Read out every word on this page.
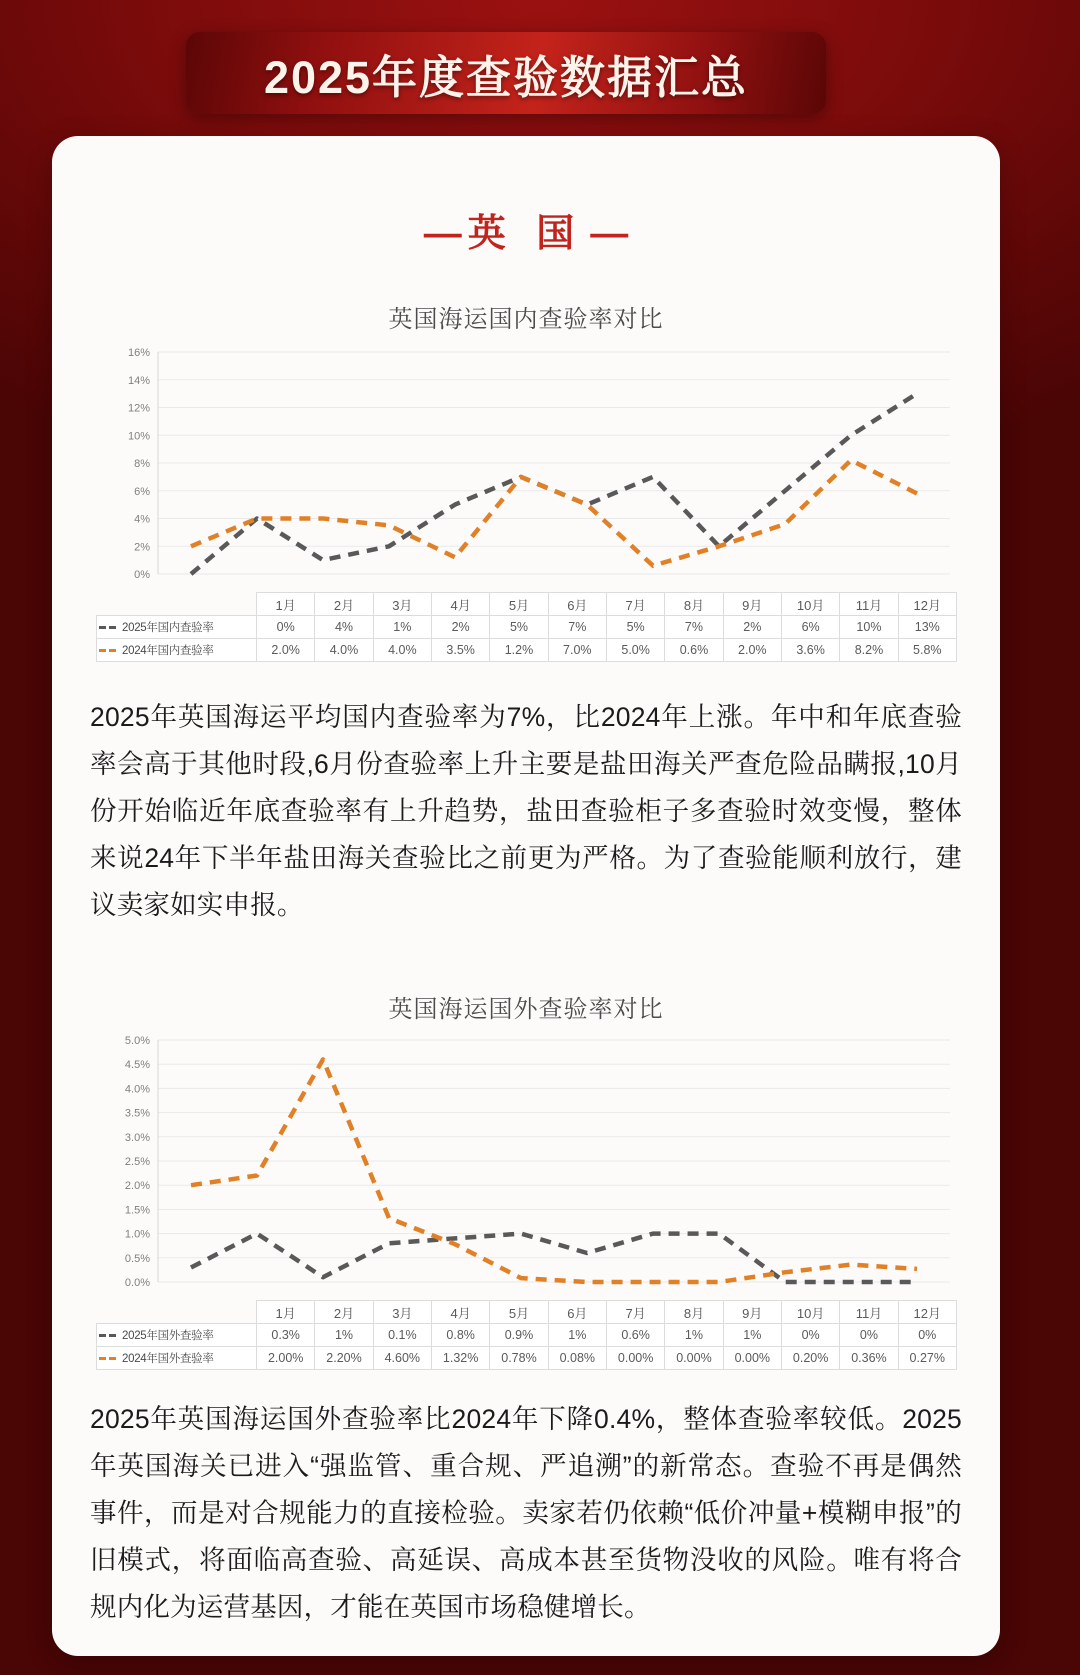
2025年度查验数据汇总
— 英 国 —
英国海运国内查验率对比
0%
2%
4%
6%
8%
10%
12%
14%
16%
	1月	2月	3月	4月	5月	6月	7月	8月	9月	10月	11月	12月
2025年国内查验率	0%	4%	1%	2%	5%	7%	5%	7%	2%	6%	10%	13%
2024年国内查验率	2.0%	4.0%	4.0%	3.5%	1.2%	7.0%	5.0%	0.6%	2.0%	3.6%	8.2%	5.8%
2025年英国海运平均国内查验率为7%，比2024年上涨。年中和年底查验率会高于其他时段,6月份查验率上升主要是盐田海关严查危险品瞒报,10月份开始临近年底查验率有上升趋势，盐田查验柜子多查验时效变慢，整体来说24年下半年盐田海关查验比之前更为严格。为了查验能顺利放行，建议卖家如实申报。
英国海运国外查验率对比
0.0%
0.5%
1.0%
1.5%
2.0%
2.5%
3.0%
3.5%
4.0%
4.5%
5.0%
	1月	2月	3月	4月	5月	6月	7月	8月	9月	10月	11月	12月
2025年国外查验率	0.3%	1%	0.1%	0.8%	0.9%	1%	0.6%	1%	1%	0%	0%	0%
2024年国外查验率	2.00%	2.20%	4.60%	1.32%	0.78%	0.08%	0.00%	0.00%	0.00%	0.20%	0.36%	0.27%
2025年英国海运国外查验率比2024年下降0.4%，整体查验率较低。2025年英国海关已进入“强监管、重合规、严追溯”的新常态。查验不再是偶然事件，而是对合规能力的直接检验。卖家若仍依赖“低价冲量+模糊申报”的旧模式，将面临高查验、高延误、高成本甚至货物没收的风险。唯有将合规内化为运营基因，才能在英国市场稳健增长。
